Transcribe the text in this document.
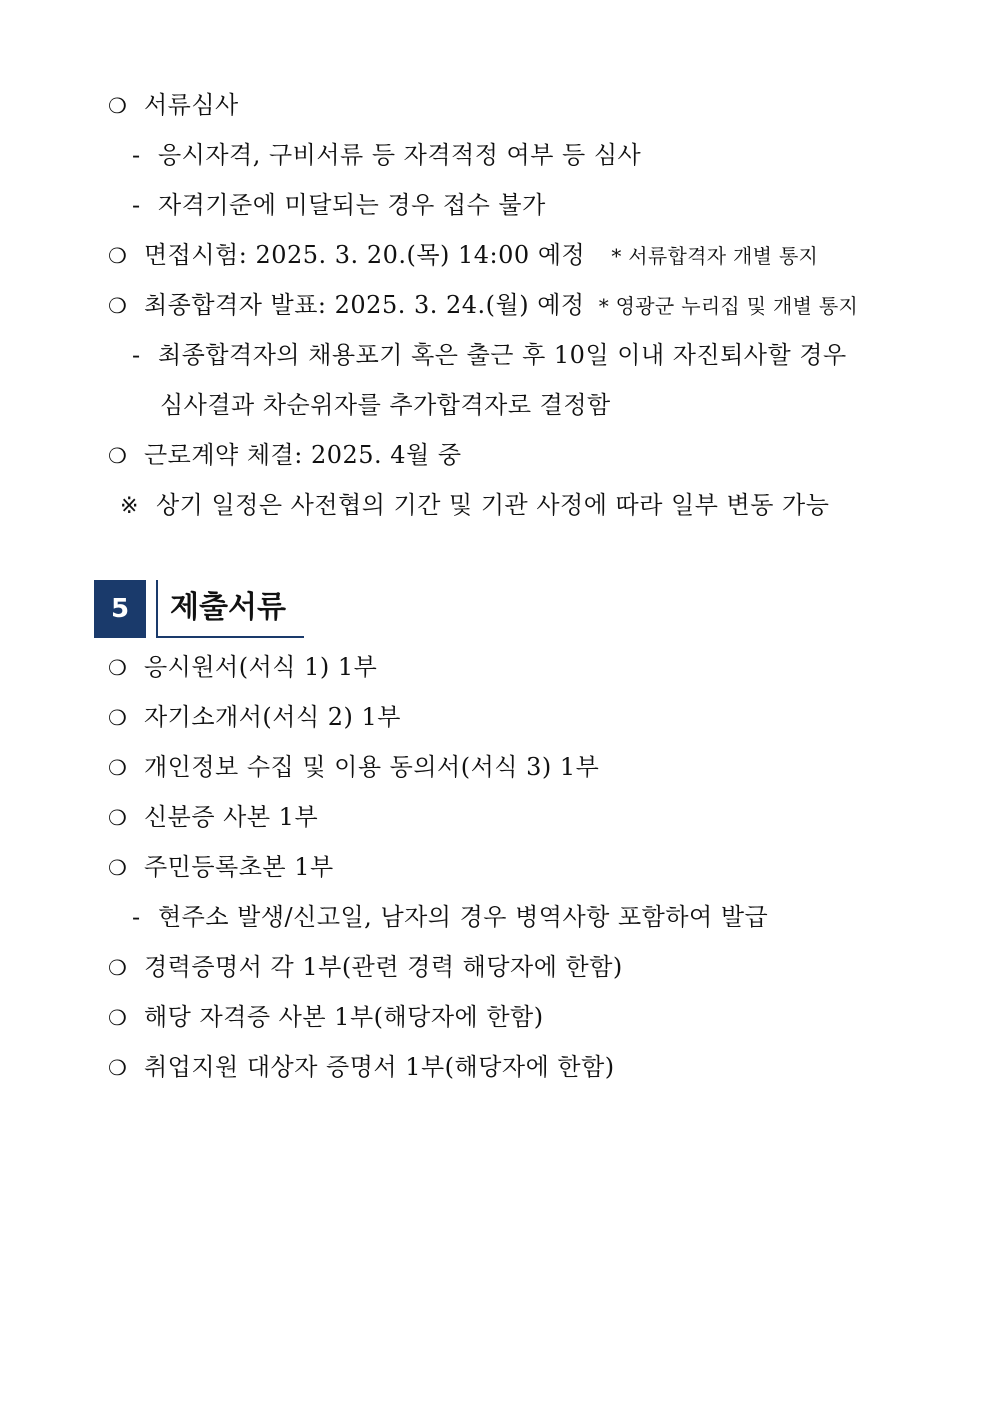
❍ 서류심사
- 응시자격, 구비서류 등 자격적정 여부 등 심사
- 자격기준에 미달되는 경우 접수 불가
❍ 면접시험: 2025. 3. 20.(목) 14:00 예정 * 서류합격자 개별 통지
❍ 최종합격자 발표: 2025. 3. 24.(월) 예정 * 영광군 누리집 및 개별 통지
- 최종합격자의 채용포기 혹은 출근 후 10일 이내 자진퇴사할 경우
심사결과 차순위자를 추가합격자로 결정함
❍ 근로계약 체결: 2025. 4월 중
※ 상기 일정은 사전협의 기간 및 기관 사정에 따라 일부 변동 가능
5	제출서류
❍ 응시원서(서식 1) 1부
❍ 자기소개서(서식 2) 1부
❍ 개인정보 수집 및 이용 동의서(서식 3) 1부
❍ 신분증 사본 1부
❍ 주민등록초본 1부
- 현주소 발생/신고일, 남자의 경우 병역사항 포함하여 발급
❍ 경력증명서 각 1부(관련 경력 해당자에 한함)
❍ 해당 자격증 사본 1부(해당자에 한함)
❍ 취업지원 대상자 증명서 1부(해당자에 한함)
